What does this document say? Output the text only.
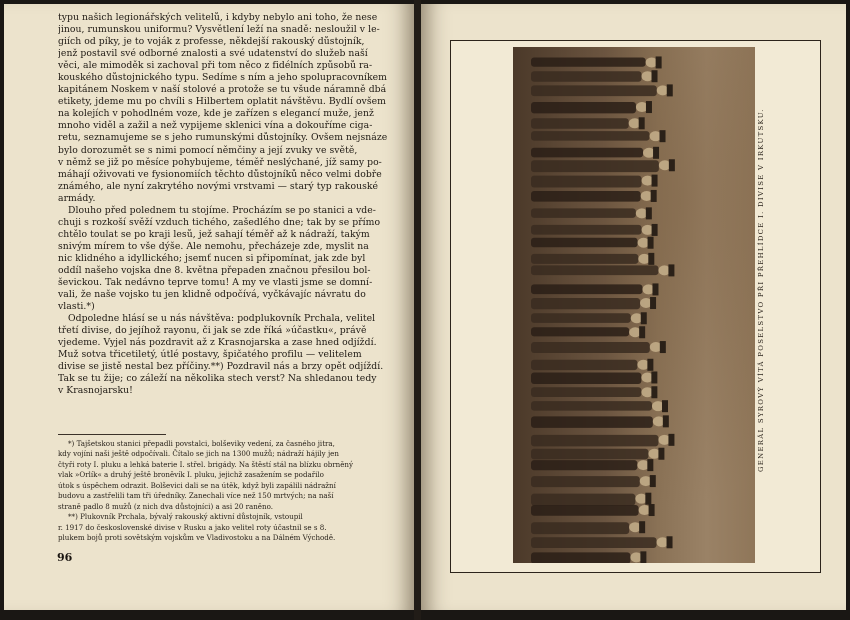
typu našich legionářských velitelů, i kdyby nebylo ani toho, že nese
jinou, rumunskou uniformu? Vysvětlení leží na snadě: nesloužil v le-
giích od píky, je to voják z professe, někdejší rakouský důstojník,
jenž postavil své odborné znalosti a své udatenství do služeb naší
věci, ale mimoděk si zachoval při tom něco z fidélních způsobů ra-
kouského důstojnického typu. Sedíme s ním a jeho spolupracovníkem
kapitánem Noskem v naší stolové a protože se tu všude náramně dbá
etikety, jdeme mu po chvíli s Hilbertem oplatit návštěvu. Bydlí ovšem
na kolejích v pohodlném voze, kde je zařízen s elegancí muže, jenž
mnoho viděl a zažil a než vypijeme sklenici vína a dokouříme ciga-
retu, seznamujeme se s jeho rumunskými důstojníky. Ovšem nejsnáze
bylo dorozumět se s nimi pomocí němčiny a její zvuky ve světě,
v němž se již po měsíce pohybujeme, téměř neslýchané, jíž samy po-
máhají oživovati ve fysionomiích těchto důstojníků něco velmi dobře
známého, ale nyní zakrytého novými vrstvami — starý typ rakouské
armády.
Dlouho před polednem tu stojíme. Procházím se po stanici a vde-
chuji s rozkoší svěží vzduch tichého, zašedlého dne; tak by se přímo
chtělo toulat se po kraji lesů, jež sahají téměř až k nádraží, takým
snivým mírem to vše dýše. Ale nemohu, přecházeje zde, myslit na
nic klidného a idyllického; jsemť nucen si připomínat, jak zde byl
oddíl našeho vojska dne 8. května přepaden značnou přesilou bol-
ševickou. Tak nedávno teprve tomu! A my ve vlasti jsme se domní-
vali, že naše vojsko tu jen klidně odpočívá, vyčkávajíc návratu do
vlasti.*)
Odpoledne hlásí se u nás návštěva: podplukovník Prchala, velitel
třetí divise, do jejíhož rayonu, či jak se zde říká »účastku«, právě
vjedeme. Vyjel nás pozdravit až z Krasnojarska a zase hned odjíždí.
Muž sotva třicetiletý, útlé postavy, špičatého profilu — velitelem
divise se jistě nestal bez příčiny.**) Pozdravil nás a brzy opět odjíždí.
Tak se tu žije; co záleží na několika stech verst? Na shledanou tedy
v Krasnojarsku!
*) Tajšetskou stanici přepadli povstalci, bolševiky vedení, za časného jitra,
kdy vojíni naši ještě odpočívali. Čítalo se jich na 1300 mužů; nádraží hájily jen
čtyři roty I. pluku a lehká baterie I. střel. brigády. Na štěstí stál na blízku obrněný
vlak »Orlík« a druhý ještě broněvík I. pluku, jejichž zasažením se podařilo
útok s úspěchem odrazit. Bolševici dali se na útěk, když byli zapálili nádražní
budovu a zastřelili tam tři úředníky. Zanechali více než 150 mrtvých; na naší
straně padlo 8 mužů (z nich dva důstojníci) a asi 20 raněno.
**) Plukovník Prchala, bývalý rakouský aktivní důstojník, vstoupil
r. 1917 do československé divise v Rusku a jako velitel roty účastnil se s 8.
plukem bojů proti sovětským vojskům ve Vladivostoku a na Dálném Východě.
96
GENERÁL SYROVÝ VÍTÁ POSELSTVO PŘI PŘEHLÍDCE I. DIVISE V IRKUTSKU.
